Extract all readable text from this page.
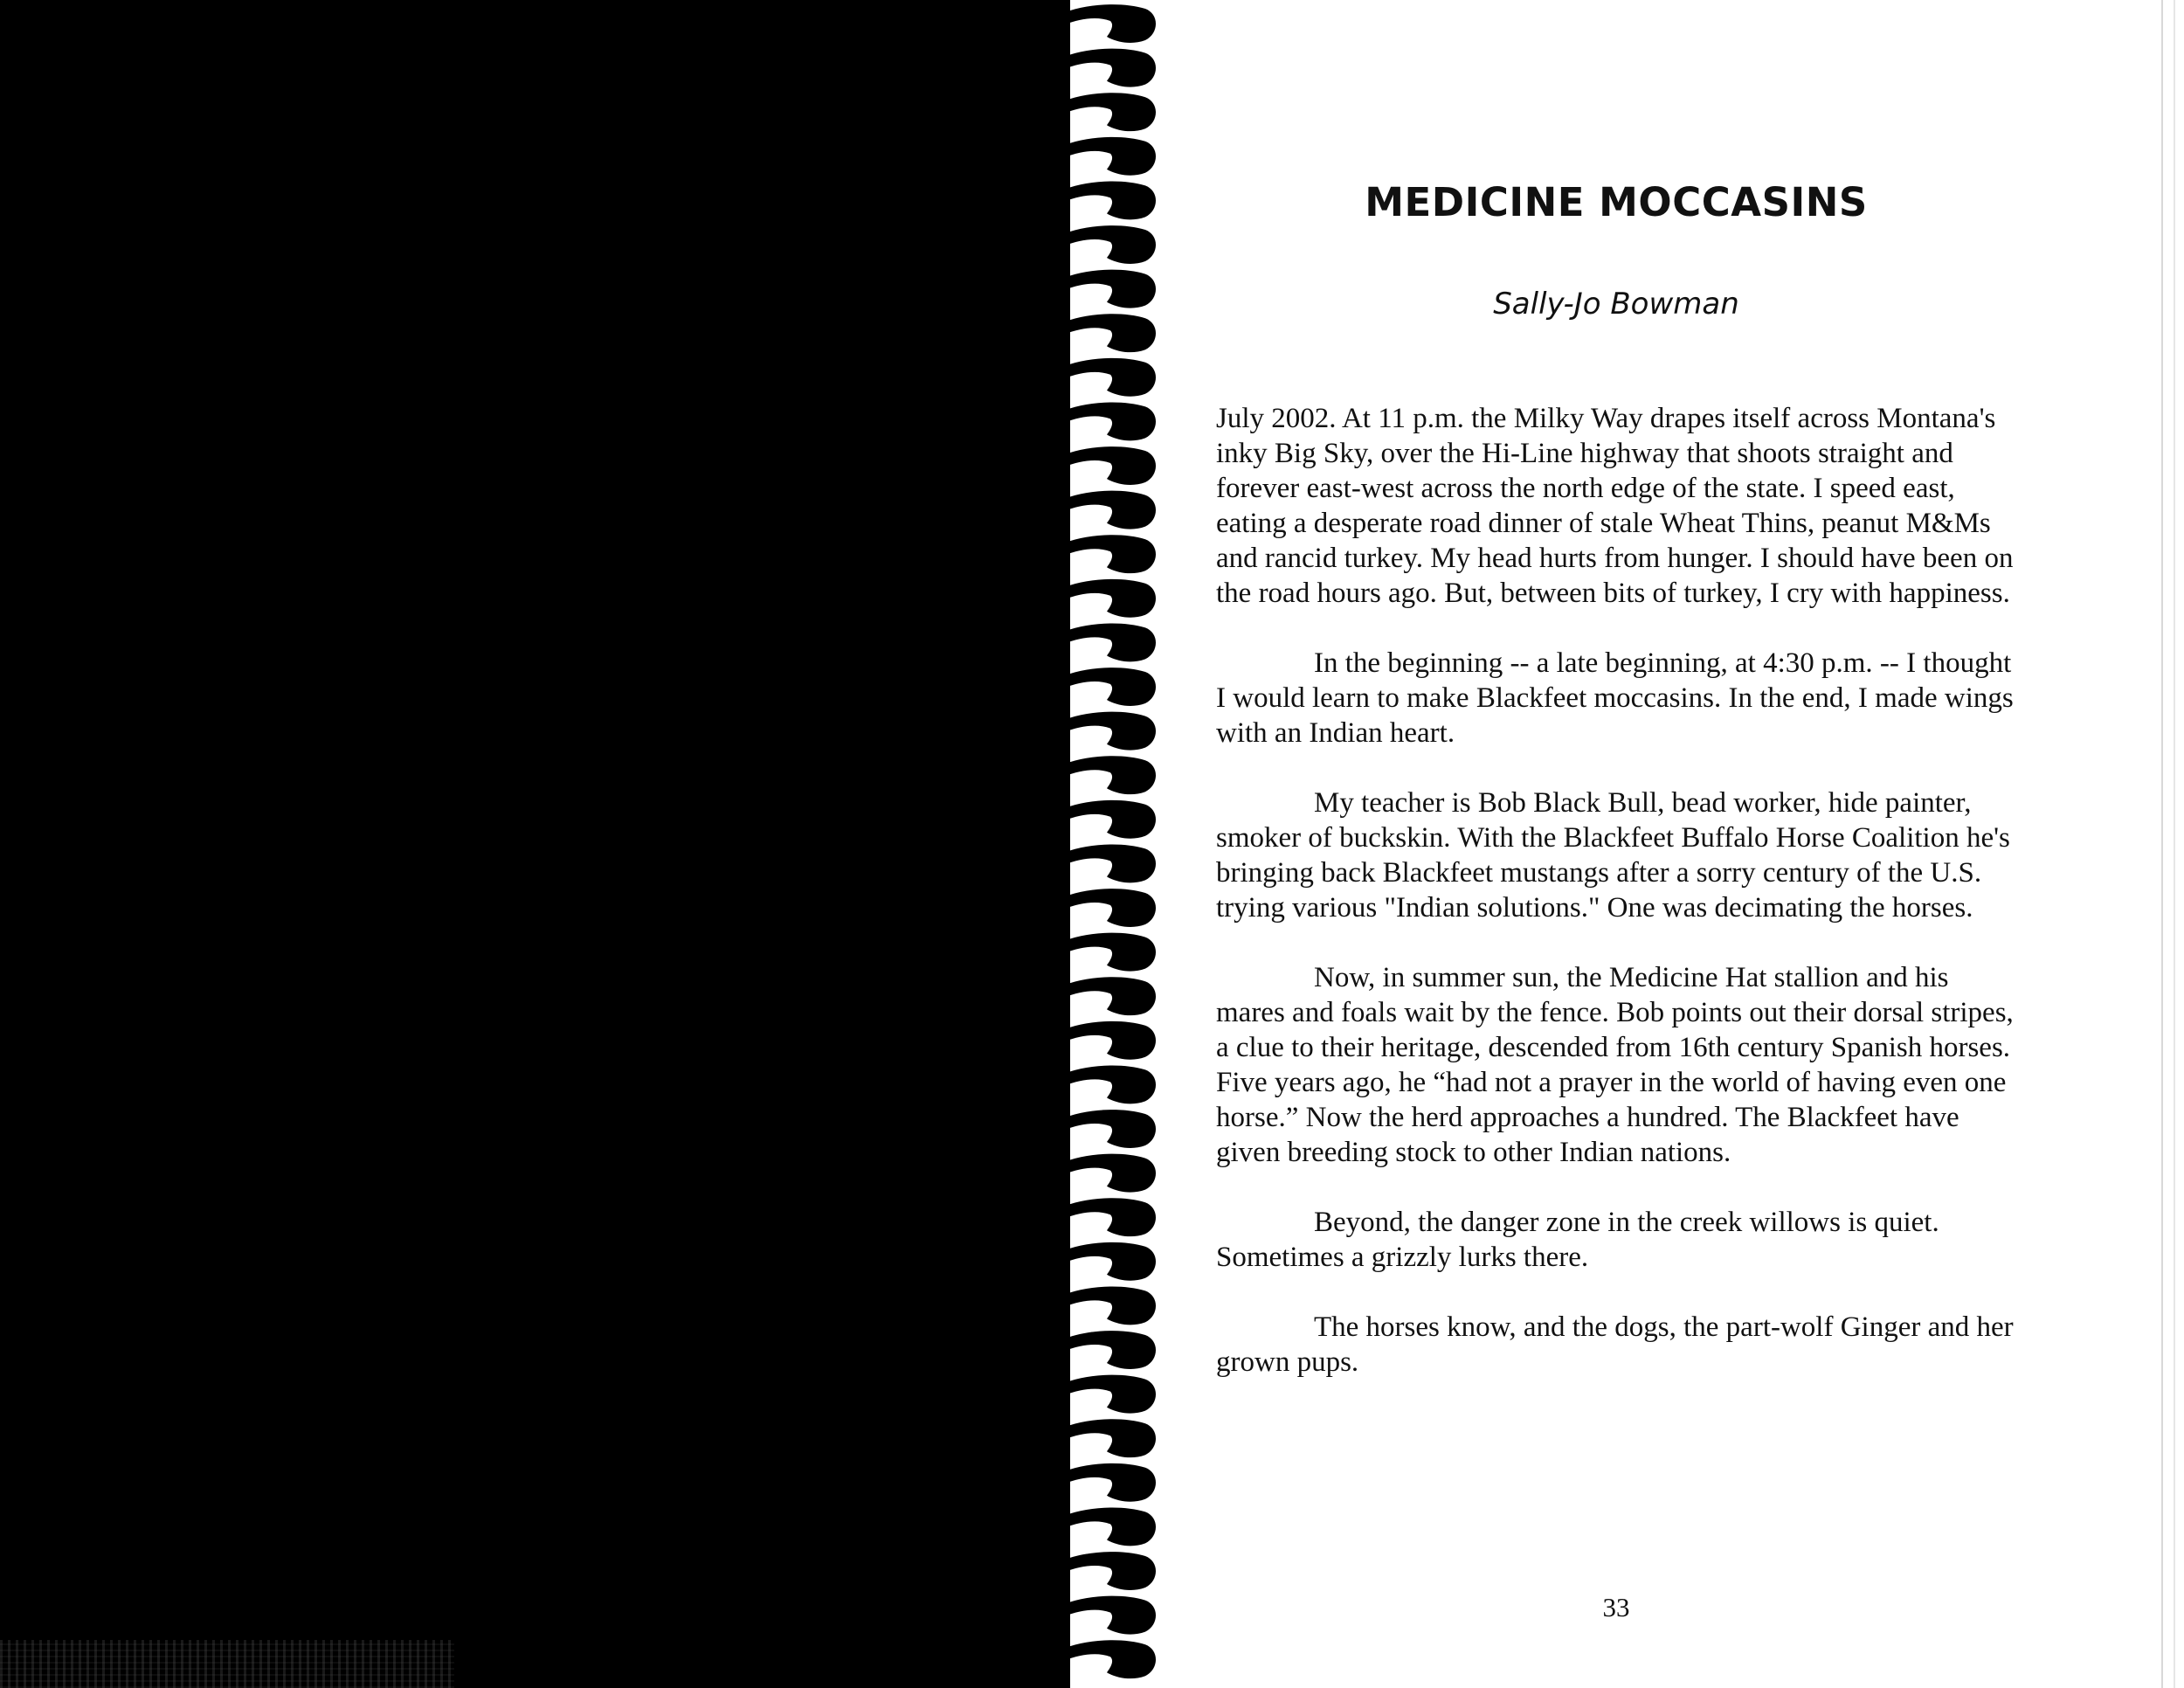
MEDICINE MOCCASINS
Sally-Jo Bowman

July 2002. At 11 p.m. the Milky Way drapes itself across Montana's inky Big Sky, over the Hi-Line highway that shoots straight and forever east-west across the north edge of the state. I speed east, eating a desperate road dinner of stale Wheat Thins, peanut M&Ms and rancid turkey. My head hurts from hunger. I should have been on the road hours ago. But, between bits of turkey, I cry with happiness.

In the beginning -- a late beginning, at 4:30 p.m. -- I thought I would learn to make Blackfeet moccasins. In the end, I made wings with an Indian heart.

My teacher is Bob Black Bull, bead worker, hide painter, smoker of buckskin. With the Blackfeet Buffalo Horse Coalition he's bringing back Blackfeet mustangs after a sorry century of the U.S. trying various "Indian solutions." One was decimating the horses.

Now, in summer sun, the Medicine Hat stallion and his mares and foals wait by the fence. Bob points out their dorsal stripes, a clue to their heritage, descended from 16th century Spanish horses. Five years ago, he “had not a prayer in the world of having even one horse.” Now the herd approaches a hundred. The Blackfeet have given breeding stock to other Indian nations.

Beyond, the danger zone in the creek willows is quiet. Sometimes a grizzly lurks there.

The horses know, and the dogs, the part-wolf Ginger and her grown pups.

33
